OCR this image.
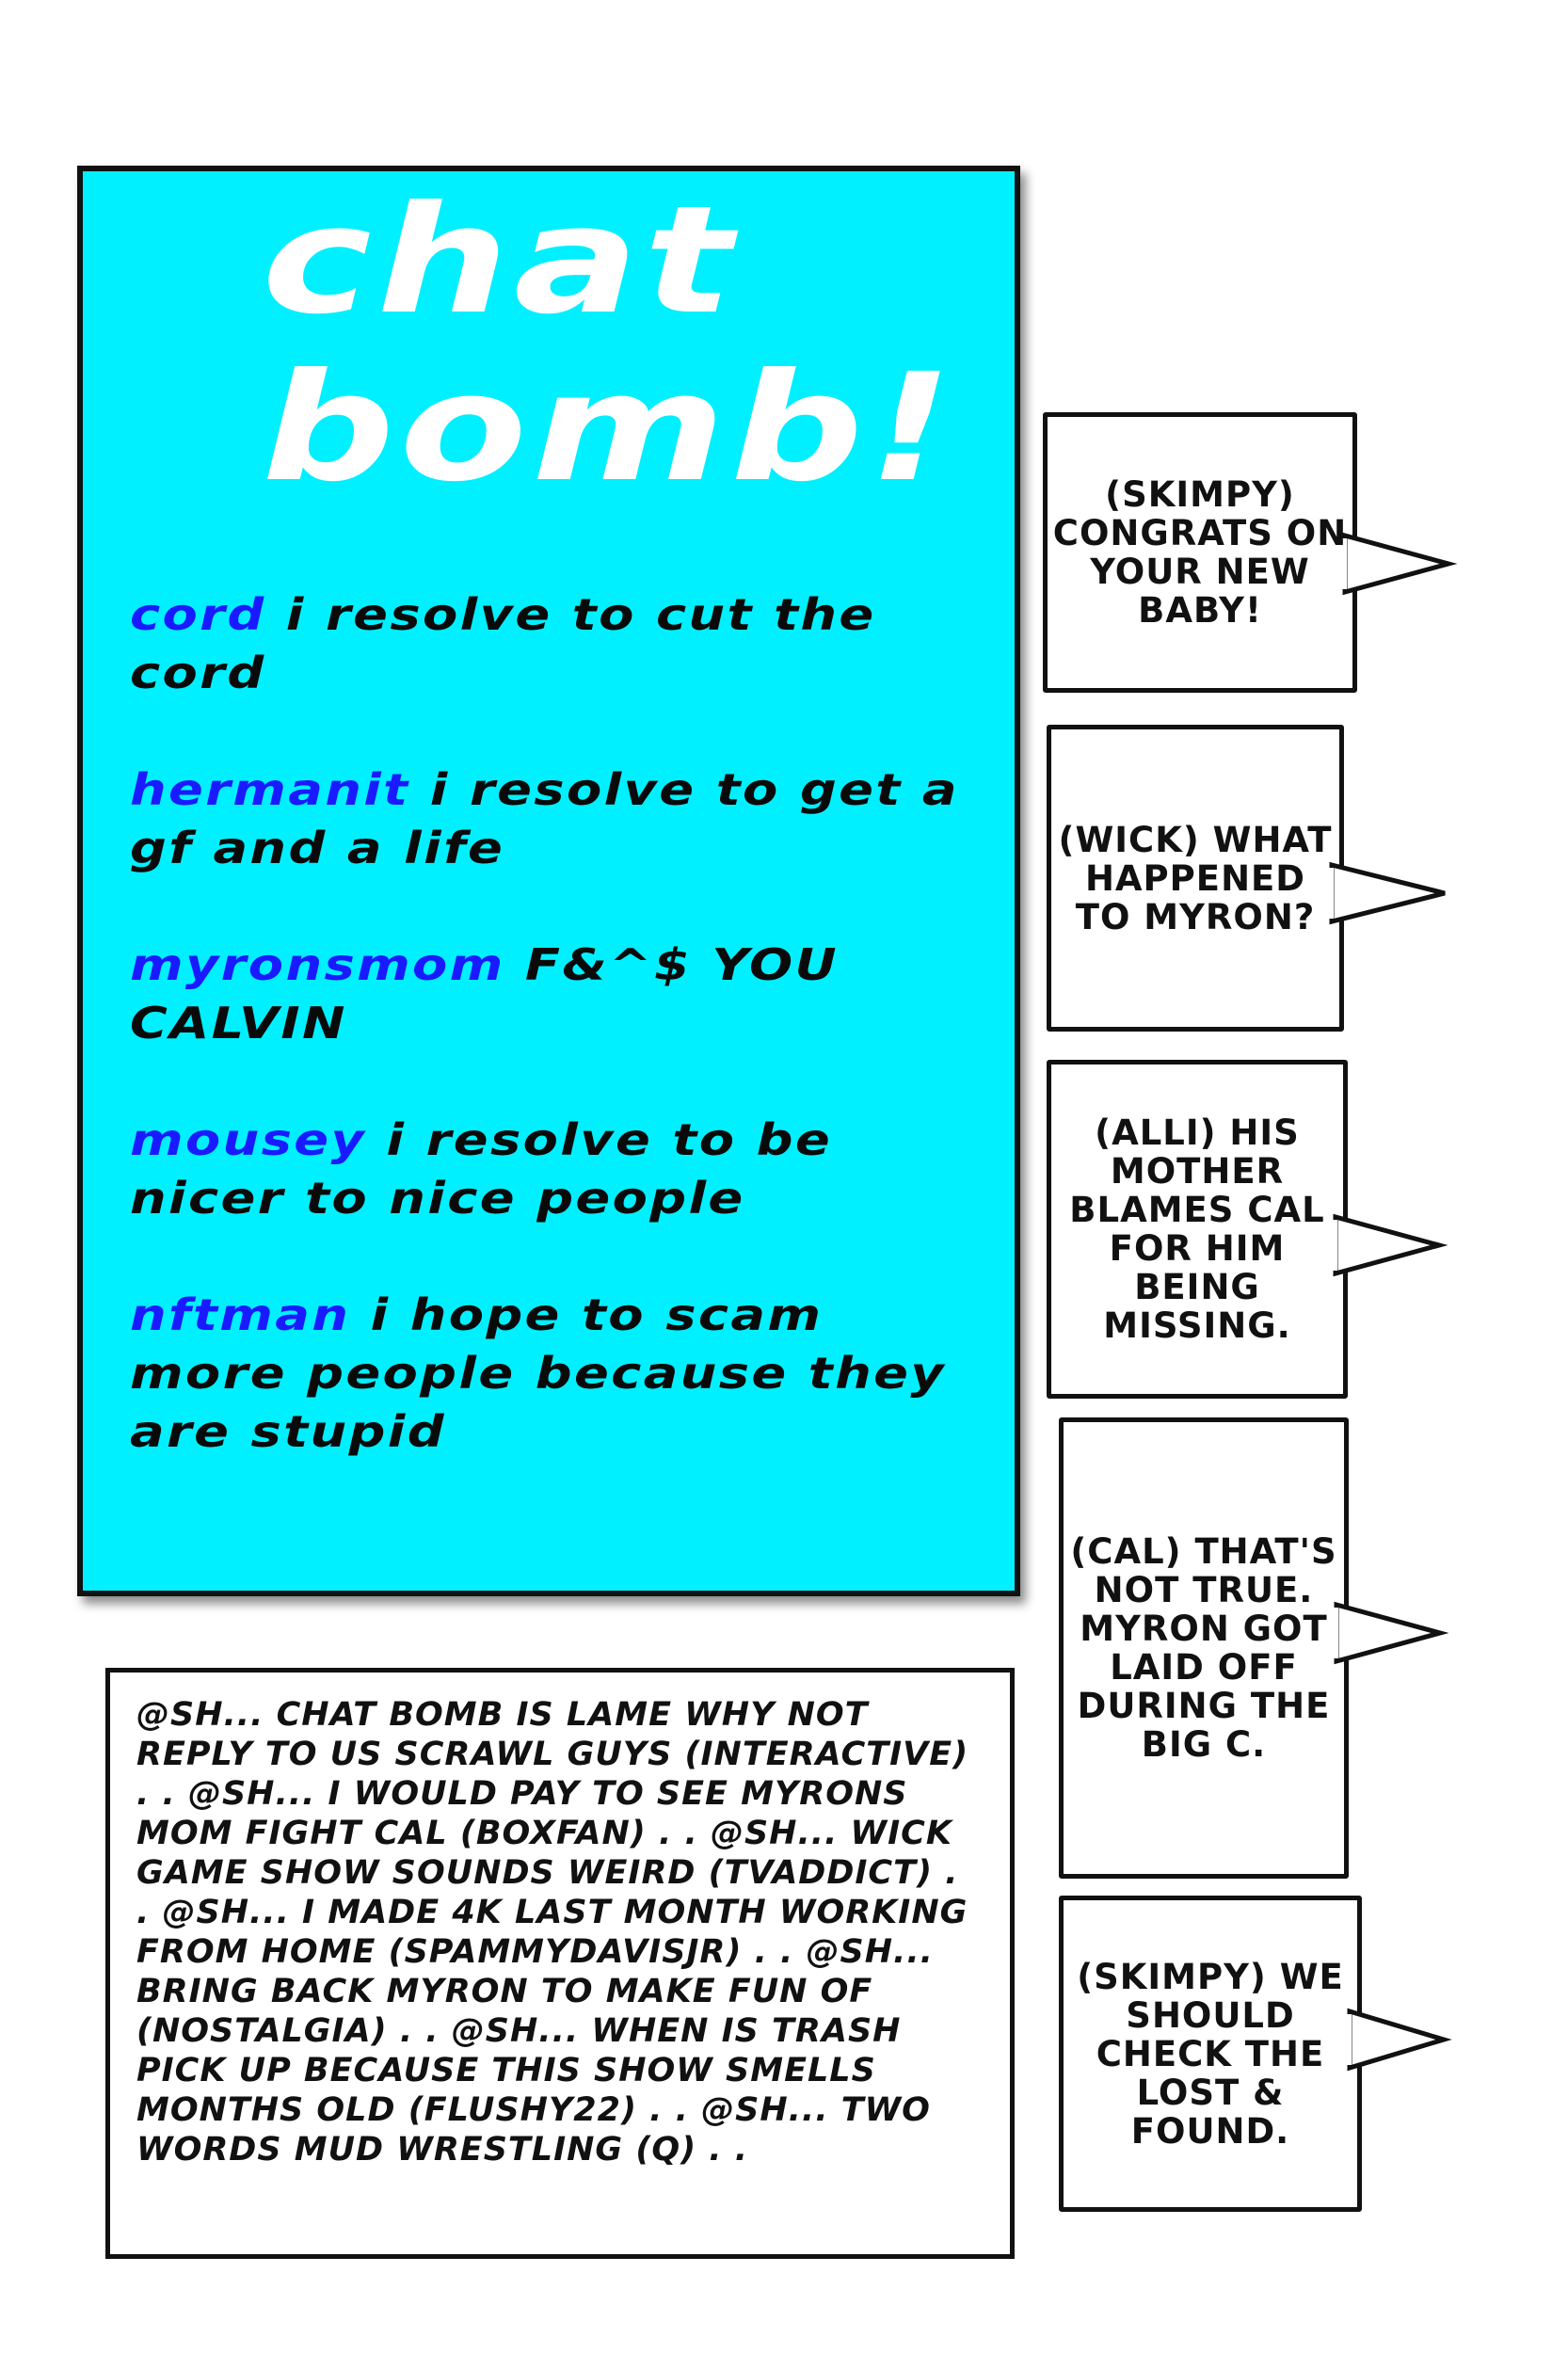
chat
bomb!

cord i resolve to cut the cord

hermanit i resolve to get a gf and a life

myronsmom F&^$ YOU CALVIN

mousey i resolve to be nicer to nice people

nftman i hope to scam more people because they are stupid

@SH... CHAT BOMB IS LAME WHY NOT REPLY TO US SCRAWL GUYS (INTERACTIVE) . . @SH... I WOULD PAY TO SEE MYRONS MOM FIGHT CAL (BOXFAN) . . @SH... WICK GAME SHOW SOUNDS WEIRD (TVADDICT) . . @SH... I MADE 4K LAST MONTH WORKING FROM HOME (SPAMMYDAVISJR) . . @SH... BRING BACK MYRON TO MAKE FUN OF (NOSTALGIA) . . @SH... WHEN IS TRASH PICK UP BECAUSE THIS SHOW SMELLS MONTHS OLD (FLUSHY22) . . @SH... TWO WORDS MUD WRESTLING (Q) . .

(SKIMPY) CONGRATS ON YOUR NEW BABY!

(WICK) WHAT HAPPENED TO MYRON?

(ALLI) HIS MOTHER BLAMES CAL FOR HIM BEING MISSING.

(CAL) THAT'S NOT TRUE. MYRON GOT LAID OFF DURING THE BIG C.

(SKIMPY) WE SHOULD CHECK THE LOST & FOUND.
